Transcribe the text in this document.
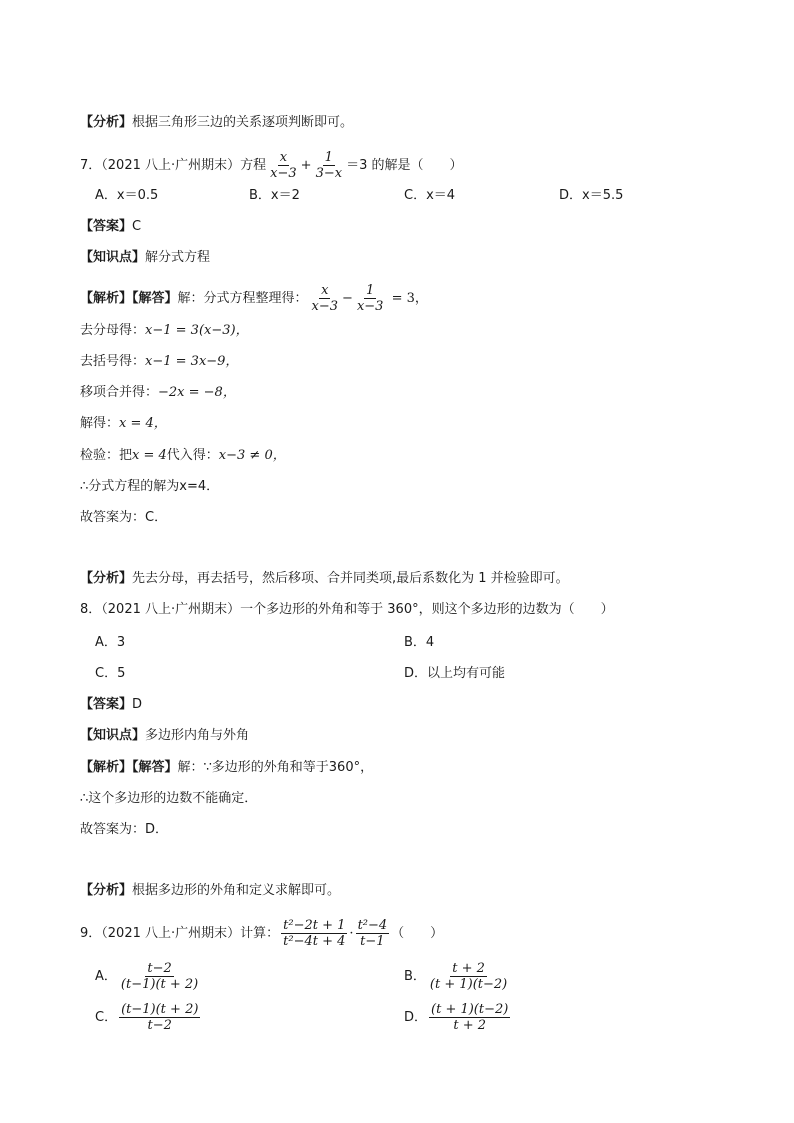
【分析】根据三角形三边的关系逐项判断即可。
7．（2021 八上·广州期末）方程 $\frac{x}{x-3} + \frac{1}{3-x} =3$ 的解是（　　）
A．x＝0.5	B．x＝2	C．x＝4	D．x＝5.5
【答案】C
【知识点】解分式方程
【解析】【解答】解：分式方程整理得： $\frac{x}{x-3} - \frac{1}{x-3} = 3$，
去分母得：x−1 = 3(x−3)，
去括号得：x−1 = 3x−9，
移项合并得：−2x = −8，
解得：x = 4，
检验：把x = 4代入得：x−3 ≠ 0，
∴分式方程的解为x=4．
故答案为：C．
【分析】先去分母，再去括号，然后移项、合并同类项,最后系数化为 1 并检验即可。
8．（2021 八上·广州期末）一个多边形的外角和等于 360°，则这个多边形的边数为（　　）
A．3	B．4
C．5	D．以上均有可能
【答案】D
【知识点】多边形内角与外角
【解析】【解答】解：∵多边形的外角和等于360°，
∴这个多边形的边数不能确定．
故答案为：D．
【分析】根据多边形的外角和定义求解即可。
9．（2021 八上·广州期末）计算： $\frac{\text{t²−2t + 1}}{\text{t²−4t + 4}} \cdot \frac{\text{t²−4}}{t-1}$ （　　）
A． $\frac{t-2}{(t-1)(t + 2)}$	B． $\frac{t + 2}{(t + 1)(t-2)}$
C． $\frac{(t-1)(t + 2)}{t-2}$	D． $\frac{(t + 1)(t-2)}{t + 2}$
